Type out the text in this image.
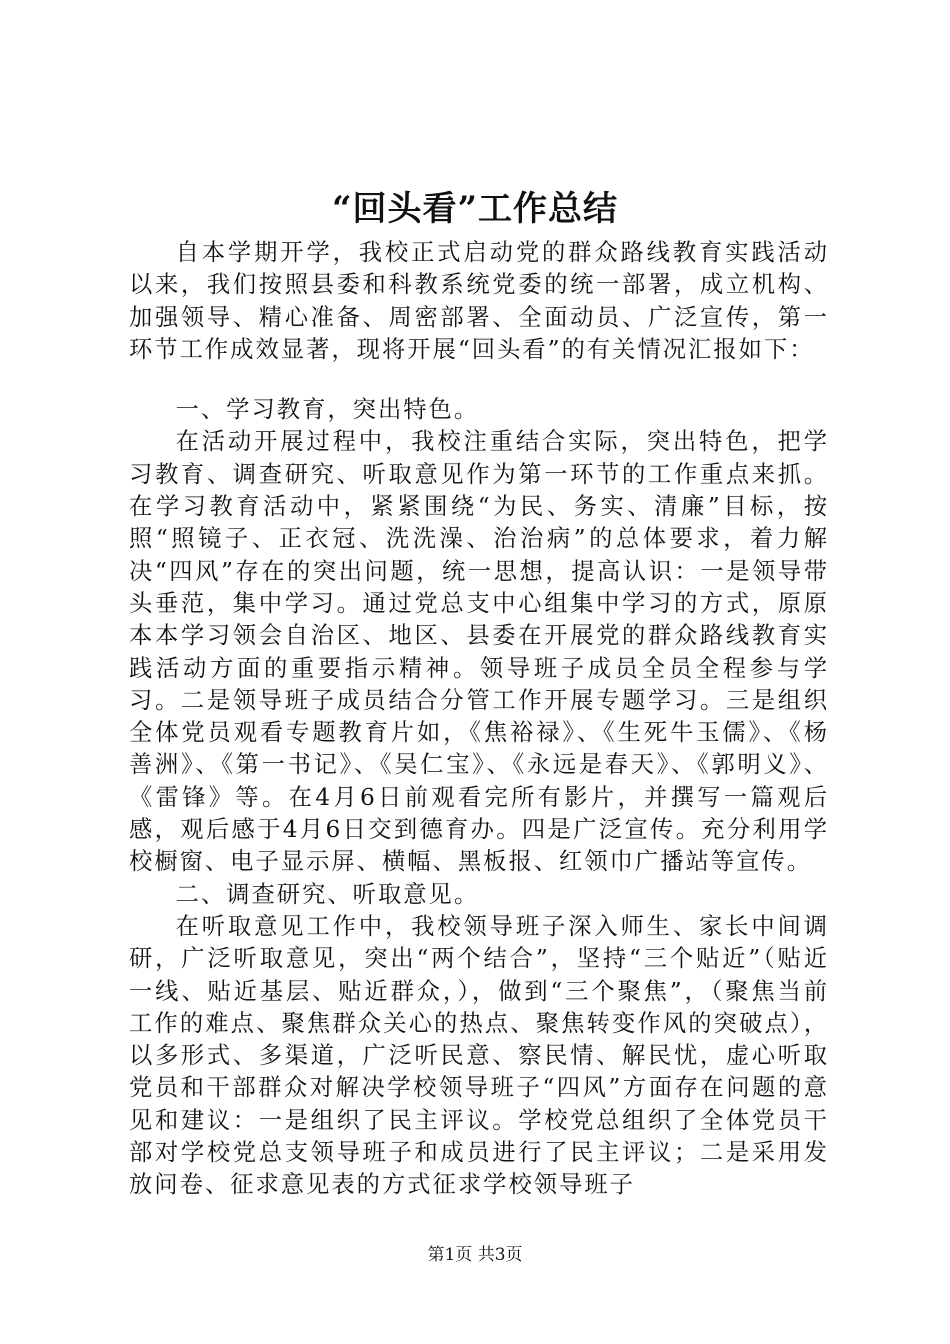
“回头看”工作总结

自本学期开学，我校正式启动党的群众路线教育实践活动以来，我们按照县委和科教系统党委的统一部署，成立机构、加强领导、精心准备、周密部署、全面动员、广泛宣传，第一环节工作成效显著，现将开展“回头看”的有关情况汇报如下：

一、学习教育，突出特色。

在活动开展过程中，我校注重结合实际，突出特色，把学习教育、调查研究、听取意见作为第一环节的工作重点来抓。在学习教育活动中，紧紧围绕“为民、务实、清廉”目标，按照“照镜子、正衣冠、洗洗澡、治治病”的总体要求，着力解决“四风”存在的突出问题，统一思想，提高认识：一是领导带头垂范，集中学习。通过党总支中心组集中学习的方式，原原本本学习领会自治区、地区、县委在开展党的群众路线教育实践活动方面的重要指示精神。领导班子成员全员全程参与学习。二是领导班子成员结合分管工作开展专题学习。三是组织全体党员观看专题教育片如，《焦裕禄》、《生死牛玉儒》、《杨善洲》、《第一书记》、《吴仁宝》、《永远是春天》、《郭明义》、《雷锋》等。在4月6日前观看完所有影片，并撰写一篇观后感，观后感于4月6日交到德育办。四是广泛宣传。充分利用学校橱窗、电子显示屏、横幅、黑板报、红领巾广播站等宣传。

二、调查研究、听取意见。

在听取意见工作中，我校领导班子深入师生、家长中间调研，广泛听取意见，突出“两个结合”，坚持“三个贴近”（贴近一线、贴近基层、贴近群众，），做到“三个聚焦”，（聚焦当前工作的难点、聚焦群众关心的热点、聚焦转变作风的突破点），以多形式、多渠道，广泛听民意、察民情、解民忧，虚心听取党员和干部群众对解决学校领导班子“四风”方面存在问题的意见和建议：一是组织了民主评议。学校党总组织了全体党员干部对学校党总支领导班子和成员进行了民主评议；二是采用发放问卷、征求意见表的方式征求学校领导班子

第1页 共3页
